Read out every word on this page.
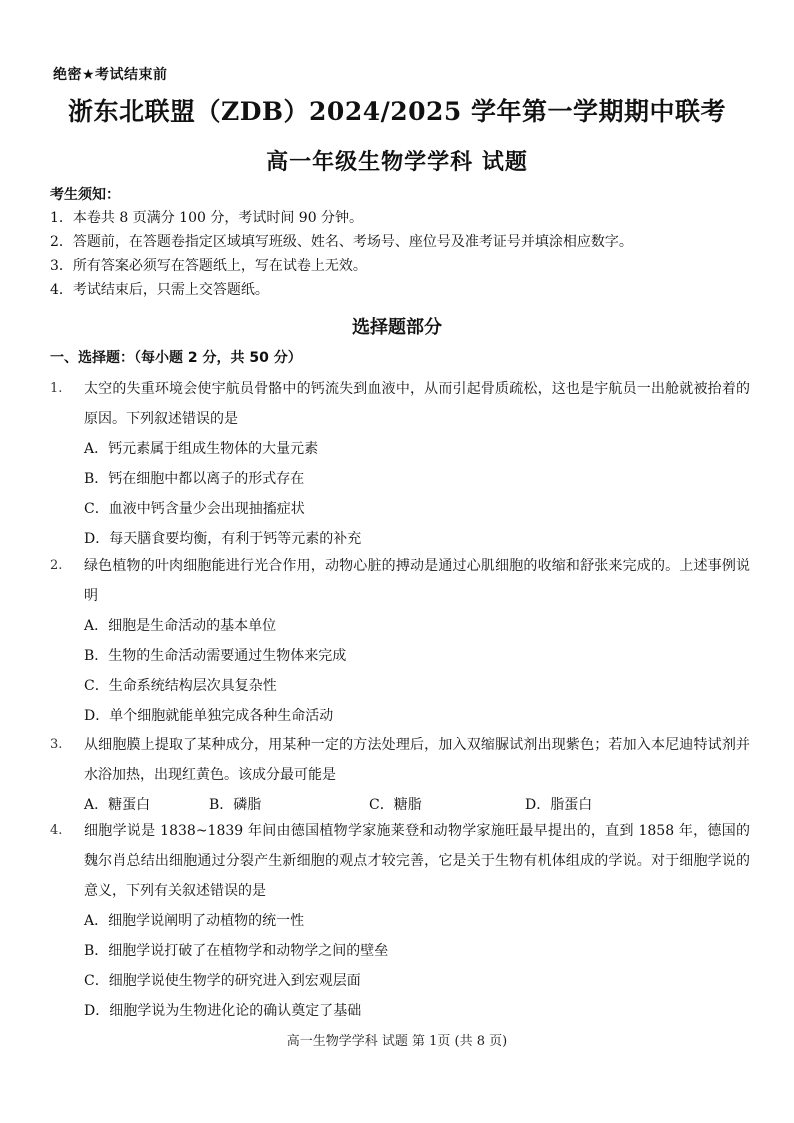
绝密★考试结束前
浙东北联盟（ZDB）2024/2025 学年第一学期期中联考
高一年级生物学学科 试题
考生须知：
1．本卷共 8 页满分 100 分，考试时间 90 分钟。
2．答题前，在答题卷指定区域填写班级、姓名、考场号、座位号及准考证号并填涂相应数字。
3．所有答案必须写在答题纸上，写在试卷上无效。
4．考试结束后，只需上交答题纸。
选择题部分
一、选择题：（每小题 2 分，共 50 分）
1.	太空的失重环境会使宇航员骨骼中的钙流失到血液中，从而引起骨质疏松，这也是宇航员一出舱就被抬着的原因。下列叙述错误的是
A．钙元素属于组成生物体的大量元素
B．钙在细胞中都以离子的形式存在
C．血液中钙含量少会出现抽搐症状
D．每天膳食要均衡，有利于钙等元素的补充
2.	绿色植物的叶肉细胞能进行光合作用，动物心脏的搏动是通过心肌细胞的收缩和舒张来完成的。上述事例说明
A．细胞是生命活动的基本单位
B．生物的生命活动需要通过生物体来完成
C．生命系统结构层次具复杂性
D．单个细胞就能单独完成各种生命活动
3.	从细胞膜上提取了某种成分，用某种一定的方法处理后，加入双缩脲试剂出现紫色；若加入本尼迪特试剂并水浴加热，出现红黄色。该成分最可能是
A．糖蛋白	B．磷脂	C．糖脂	D．脂蛋白
4.	细胞学说是 1838~1839 年间由德国植物学家施莱登和动物学家施旺最早提出的，直到 1858 年，德国的魏尔肖总结出细胞通过分裂产生新细胞的观点才较完善，它是关于生物有机体组成的学说。对于细胞学说的意义，下列有关叙述错误的是
A．细胞学说阐明了动植物的统一性
B．细胞学说打破了在植物学和动物学之间的壁垒
C．细胞学说使生物学的研究进入到宏观层面
D．细胞学说为生物进化论的确认奠定了基础
高一生物学学科 试题 第 1页 (共 8 页)
